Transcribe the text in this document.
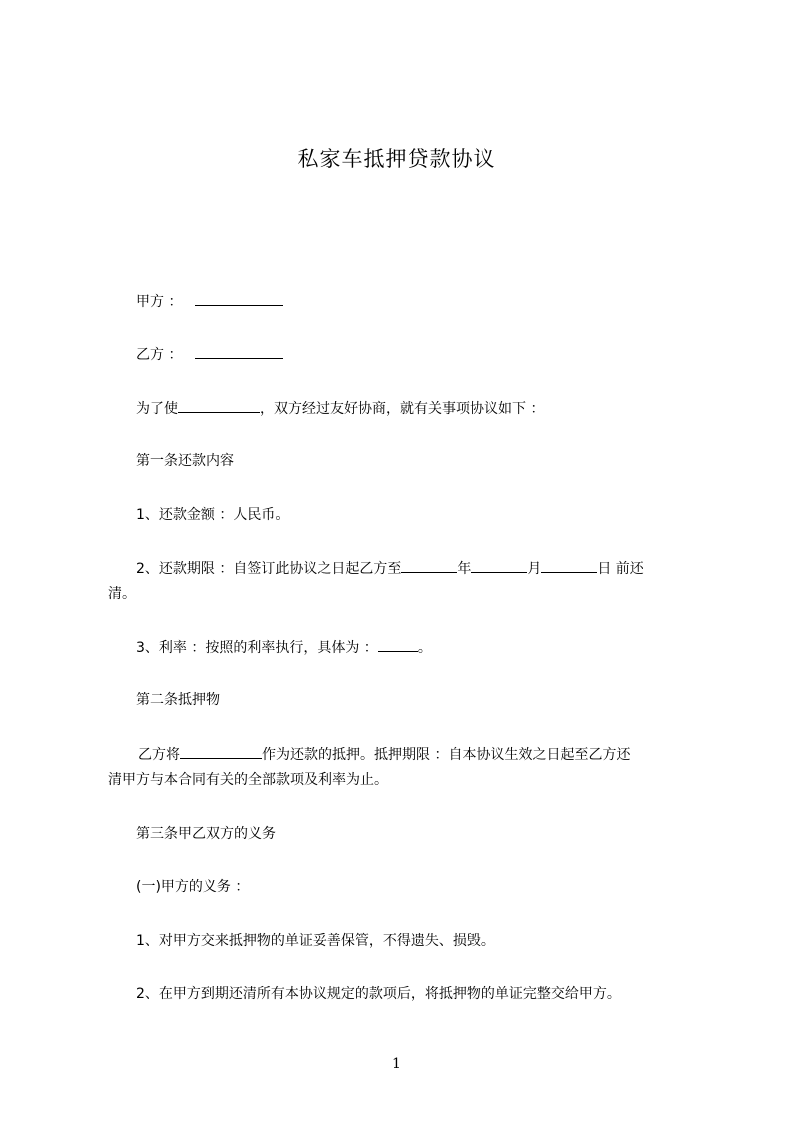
私家车抵押贷款协议
甲方 ：
乙方 ：
为了使	，双方经过友好协商，就有关事项协议如下 ：
第一条还款内容
1、还款金额 ：人民币。
2、还款期限 ：自签订此协议之日起乙方至	年	月	日 前还
清。
3、利率 ：按照的利率执行，具体为 ：	。
第二条抵押物
乙方将	作为还款的抵押。抵押期限 ：自本协议生效之日起至乙方还
清甲方与本合同有关的全部款项及利率为止。
第三条甲乙双方的义务
(一)甲方的义务 ：
1、对甲方交来抵押物的单证妥善保管，不得遗失、损毁。
2、在甲方到期还清所有本协议规定的款项后，将抵押物的单证完整交给甲方。
1
